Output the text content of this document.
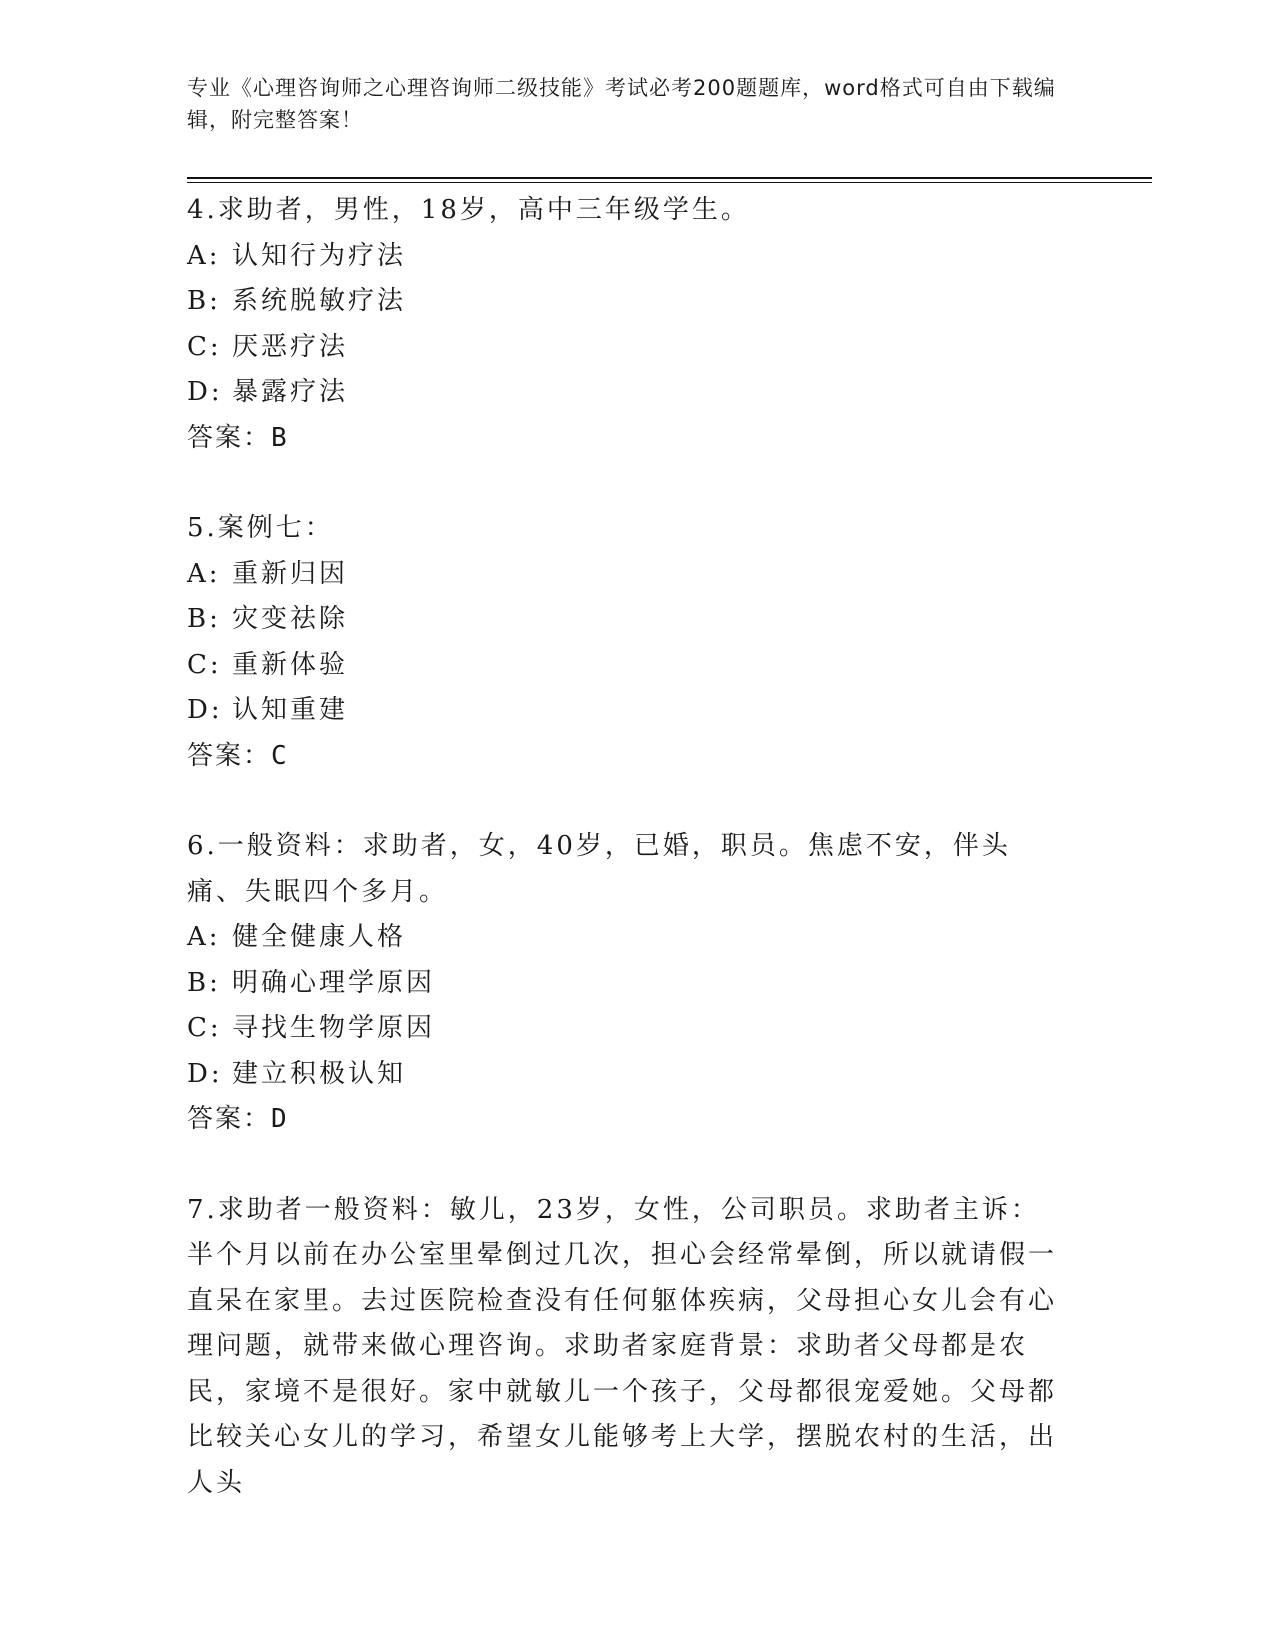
专业《心理咨询师之心理咨询师二级技能》考试必考200题题库，word格式可自由下载编辑，附完整答案！
4.求助者，男性，18岁，高中三年级学生。
A: 认知行为疗法
B: 系统脱敏疗法
C: 厌恶疗法
D: 暴露疗法
答案：B
5.案例七：
A: 重新归因
B: 灾变祛除
C: 重新体验
D: 认知重建
答案：C
6.一般资料：求助者，女，40岁，已婚，职员。焦虑不安，伴头痛、失眠四个多月。
A: 健全健康人格
B: 明确心理学原因
C: 寻找生物学原因
D: 建立积极认知
答案：D
7.求助者一般资料：敏儿，23岁，女性，公司职员。求助者主诉：半个月以前在办公室里晕倒过几次，担心会经常晕倒，所以就请假一直呆在家里。去过医院检查没有任何躯体疾病，父母担心女儿会有心理问题，就带来做心理咨询。求助者家庭背景：求助者父母都是农民，家境不是很好。家中就敏儿一个孩子，父母都很宠爱她。父母都比较关心女儿的学习，希望女儿能够考上大学，摆脱农村的生活，出人头
